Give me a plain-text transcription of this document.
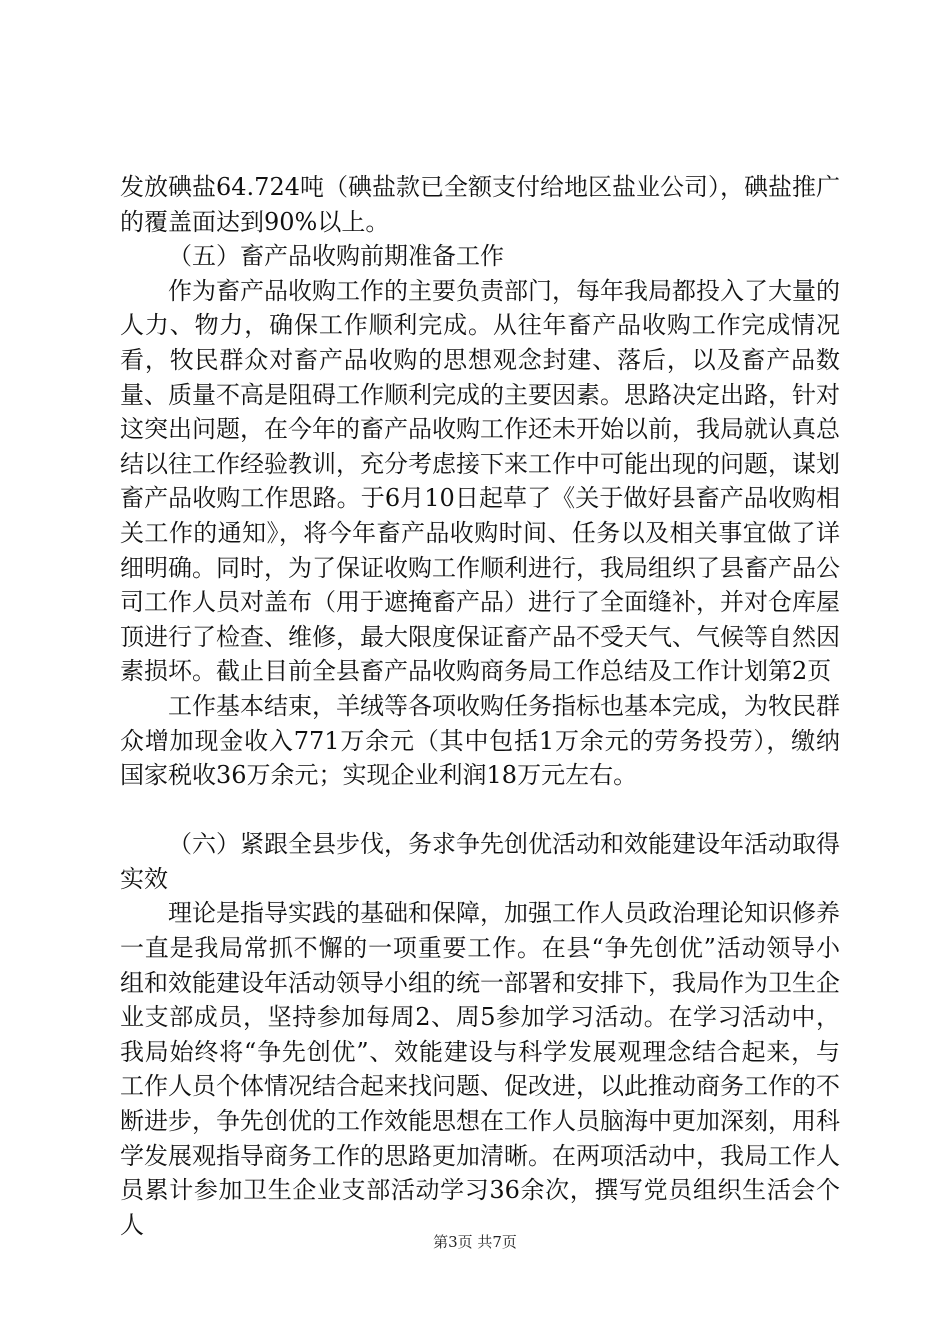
发放碘盐64.724吨（碘盐款已全额支付给地区盐业公司），碘盐推广的覆盖面达到90%以上。

（五）畜产品收购前期准备工作

作为畜产品收购工作的主要负责部门，每年我局都投入了大量的人力、物力，确保工作顺利完成。从往年畜产品收购工作完成情况看，牧民群众对畜产品收购的思想观念封建、落后，以及畜产品数量、质量不高是阻碍工作顺利完成的主要因素。思路决定出路，针对这突出问题，在今年的畜产品收购工作还未开始以前，我局就认真总结以往工作经验教训，充分考虑接下来工作中可能出现的问题，谋划畜产品收购工作思路。于6月10日起草了《关于做好县畜产品收购相关工作的通知》，将今年畜产品收购时间、任务以及相关事宜做了详细明确。同时，为了保证收购工作顺利进行，我局组织了县畜产品公司工作人员对盖布（用于遮掩畜产品）进行了全面缝补，并对仓库屋顶进行了检查、维修，最大限度保证畜产品不受天气、气候等自然因素损坏。截止目前全县畜产品收购商务局工作总结及工作计划第2页

工作基本结束，羊绒等各项收购任务指标也基本完成，为牧民群众增加现金收入771万余元（其中包括1万余元的劳务投劳），缴纳国家税收36万余元；实现企业利润18万元左右。

（六）紧跟全县步伐，务求争先创优活动和效能建设年活动取得实效

理论是指导实践的基础和保障，加强工作人员政治理论知识修养一直是我局常抓不懈的一项重要工作。在县“争先创优”活动领导小组和效能建设年活动领导小组的统一部署和安排下，我局作为卫生企业支部成员，坚持参加每周2、周5参加学习活动。在学习活动中，我局始终将“争先创优”、效能建设与科学发展观理念结合起来，与工作人员个体情况结合起来找问题、促改进，以此推动商务工作的不断进步，争先创优的工作效能思想在工作人员脑海中更加深刻，用科学发展观指导商务工作的思路更加清晰。在两项活动中，我局工作人员累计参加卫生企业支部活动学习36余次，撰写党员组织生活会个人

第3页 共7页
